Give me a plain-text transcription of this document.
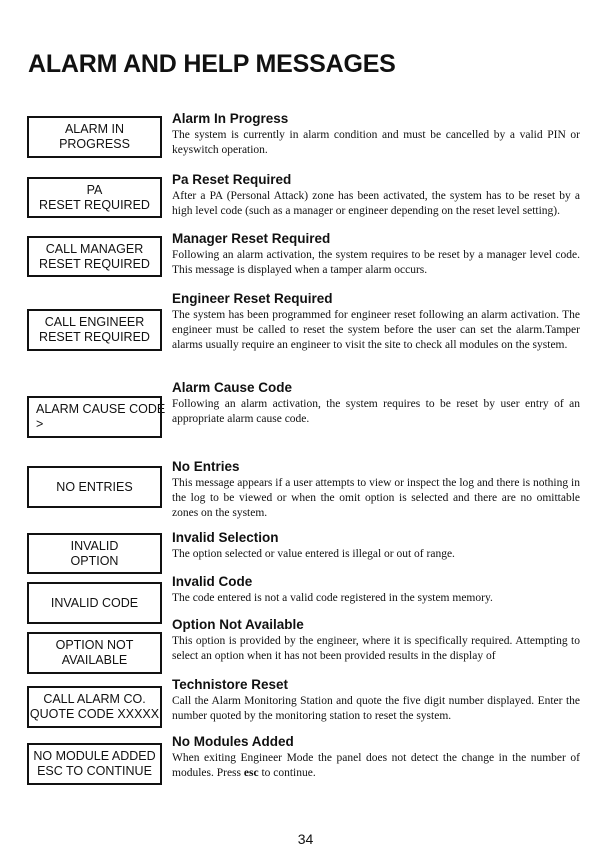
ALARM AND HELP MESSAGES
ALARM IN
PROGRESS
Alarm In Progress
The system is currently in alarm condition and must be cancelled by a valid PIN or keyswitch operation.
PA
RESET REQUIRED
Pa Reset Required
After a PA (Personal Attack) zone has been activated, the system has to be reset by a high level code (such as a manager or engineer depending on the reset level setting).
CALL MANAGER
RESET REQUIRED
Manager Reset Required
Following an alarm activation, the system requires to be reset by a manager level code. This message is displayed when a tamper alarm occurs.
CALL ENGINEER
RESET REQUIRED
Engineer Reset Required
The system has been programmed for engineer reset following an alarm activation. The engineer must be called to reset the system before the user can set the alarm.Tamper alarms usually require an engineer to visit the site to check all modules on the system.
ALARM CAUSE CODE
>
Alarm Cause Code
Following an alarm activation, the system requires to be reset by user entry of an appropriate alarm cause code.
NO ENTRIES
No Entries
This message appears if a user attempts to view or inspect the log and there is nothing in the log to be viewed or when the omit option is selected and there are no omittable zones on the system.
INVALID
OPTION
Invalid Selection
The option selected or value entered is illegal or out of range.
INVALID CODE
Invalid Code
The code entered is not a valid code registered in the system memory.
OPTION NOT
AVAILABLE
Option Not Available
This option is provided by the engineer, where it is specifically required. Attempting to select an option when it has not been provided results in the display of
CALL ALARM CO.
QUOTE CODE XXXXX
Technistore Reset
Call the Alarm Monitoring Station and quote the five digit number displayed. Enter the number quoted by the monitoring station to reset the system.
NO MODULE ADDED
ESC TO CONTINUE
No Modules Added
When exiting Engineer Mode the panel does not detect the change in the number of modules. Press esc to continue.
34
